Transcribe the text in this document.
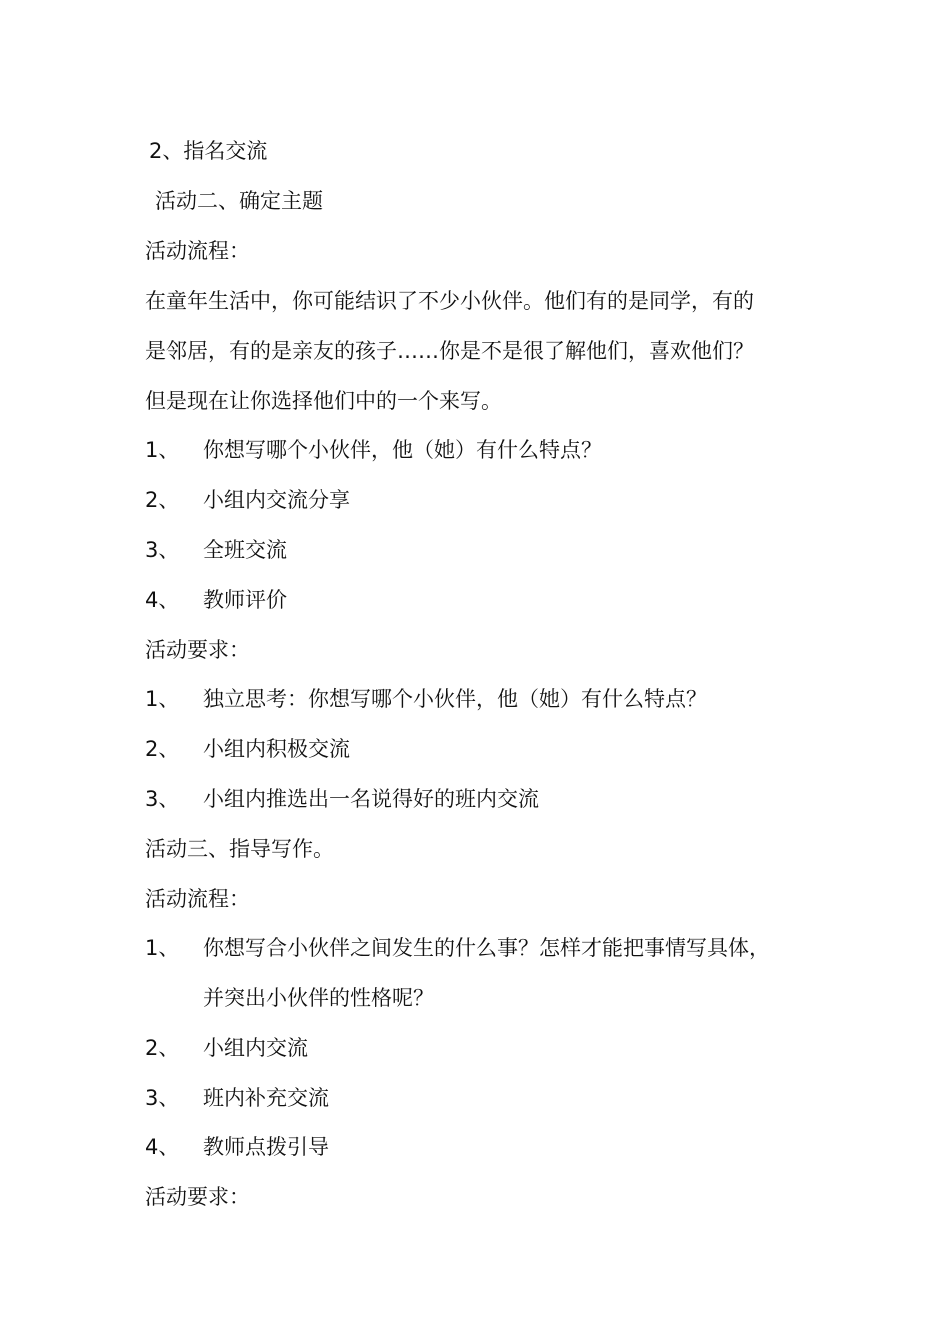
2、指名交流
活动二、确定主题
活动流程：
在童年生活中，你可能结识了不少小伙伴。他们有的是同学，有的
是邻居，有的是亲友的孩子……你是不是很了解他们，喜欢他们？
但是现在让你选择他们中的一个来写。
1、 你想写哪个小伙伴，他（她）有什么特点？
2、 小组内交流分享
3、 全班交流
4、 教师评价
活动要求：
1、 独立思考：你想写哪个小伙伴，他（她）有什么特点？
2、 小组内积极交流
3、 小组内推选出一名说得好的班内交流
活动三、指导写作。
活动流程：
1、 你想写合小伙伴之间发生的什么事？怎样才能把事情写具体，
并突出小伙伴的性格呢？
2、 小组内交流
3、 班内补充交流
4、 教师点拨引导
活动要求：
